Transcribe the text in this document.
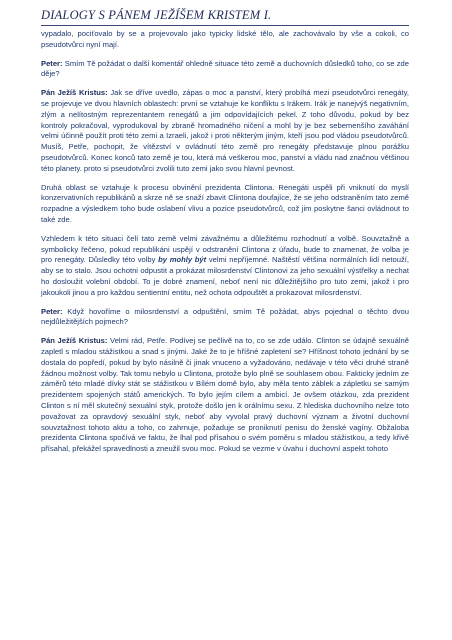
DIALOGY S PÁNEM JEŽÍŠEM KRISTEM I.

vypadalo, pociťovalo by se a projevovalo jako typicky lidské tělo, ale zachovávalo by vše a cokoli, co pseudotvůrci nyní mají.

Peter: Smím Tě požádat o další komentář ohledně situace této země a duchovních důsledků toho, co se zde děje?

Pán Ježíš Kristus: Jak se dříve uvedlo, zápas o moc a panství, který probíhá mezi pseudotvůrci renegáty, se projevuje ve dvou hlavních oblastech: první se vztahuje ke konfliktu s Irákem. Irák je nanejvýš negativním, zlým a nelítostným reprezentantem renegátů a jim odpovídajících pekel. Z toho důvodu, pokud by bez kontroly pokračoval, vyprodukoval by zbraně hromadného ničení a mohl by je bez sebemenšího zaváhání velmi účinně použít proti této zemi a Izraeli, jakož i proti některým jiným, kteří jsou pod vládou pseudotvůrců. Musíš, Petře, pochopit, že vítězství v ovládnutí této země pro renegáty představuje plnou porážku pseudotvůrců. Konec konců tato země je tou, která má veškerou moc, panství a vládu nad značnou většinou této planety. proto si pseudotvůrci zvolili tuto zemi jako svou hlavní pevnost.

Druhá oblast se vztahuje k procesu obvinění prezidenta Clintona. Renegáti uspěli při vniknutí do myslí konzervativních republikánů a skrze ně se snaží zbavit Clintona doufajíce, že se jeho odstraněním tato země rozpadne a výsledkem toho bude oslabení vlivu a pozice pseudotvůrců, což jim poskytne šanci ovládnout to také zde.

Vzhledem k této situaci čelí tato země velmi závažnému a důležitému rozhodnutí a volbě. Souvztažně a symbolicky řečeno, pokud republikáni uspějí v odstranění Clintona z úřadu, bude to znamenat, že volba je pro renegáty. Důsledky této volby by mohly být velmi nepříjemné. Naštěstí většina normálních lidí netouží, aby se to stalo. Jsou ochotni odpustit a prokázat milosrdenství Clintonovi za jeho sexuální výstřelky a nechat ho dosloužit volební období. To je dobré znamení, neboť není nic důležitějšího pro tuto zemi, jakož i pro jakoukoli jinou a pro každou sentientní entitu, než ochota odpouštět a prokazovat milosrdenství.

Peter: Když hovoříme o milosrdenství a odpuštění, smím Tě požádat, abys pojednal o těchto dvou nejdůležitějších pojmech?

Pán Ježíš Kristus: Velmi rád, Petře. Podívej se pečlivě na to, co se zde událo. Clinton se údajně sexuálně zapletl s mladou stážistkou a snad s jinými. Jaké že to je hříšné zapletení se? Hříšnost tohoto jednání by se dostala do popředí, pokud by bylo násilně či jinak vnuceno a vyžadováno, nedávaje v této věci druhé straně žádnou možnost volby. Tak tomu nebylo u Clintona, protože bylo plně se souhlasem obou. Fakticky jedním ze záměrů této mladé dívky stát se stážistkou v Bílém domě bylo, aby měla tento záblek a zápletku se samým prezidentem spojených států amerických. To bylo jejím cílem a ambicí. Je ovšem otázkou, zda prezident Clinton s ní měl skutečný sexuální styk, protože došlo jen k orálnímu sexu. Z hlediska duchovního nelze toto považovat za opravdový sexuální styk, neboť aby vyvolal pravý duchovní význam a životní duchovní souvztažnost tohoto aktu a toho, co zahrnuje, požaduje se proniknutí penisu do ženské vagíny. Obžaloba prezidenta Clintona spočívá ve faktu, že lhal pod přísahou o svém poměru s mladou stážistkou, a tedy křivě přísahal, překážel spravedlnosti a zneužil svou moc. Pokud se vezme v úvahu i duchovní aspekt tohoto
